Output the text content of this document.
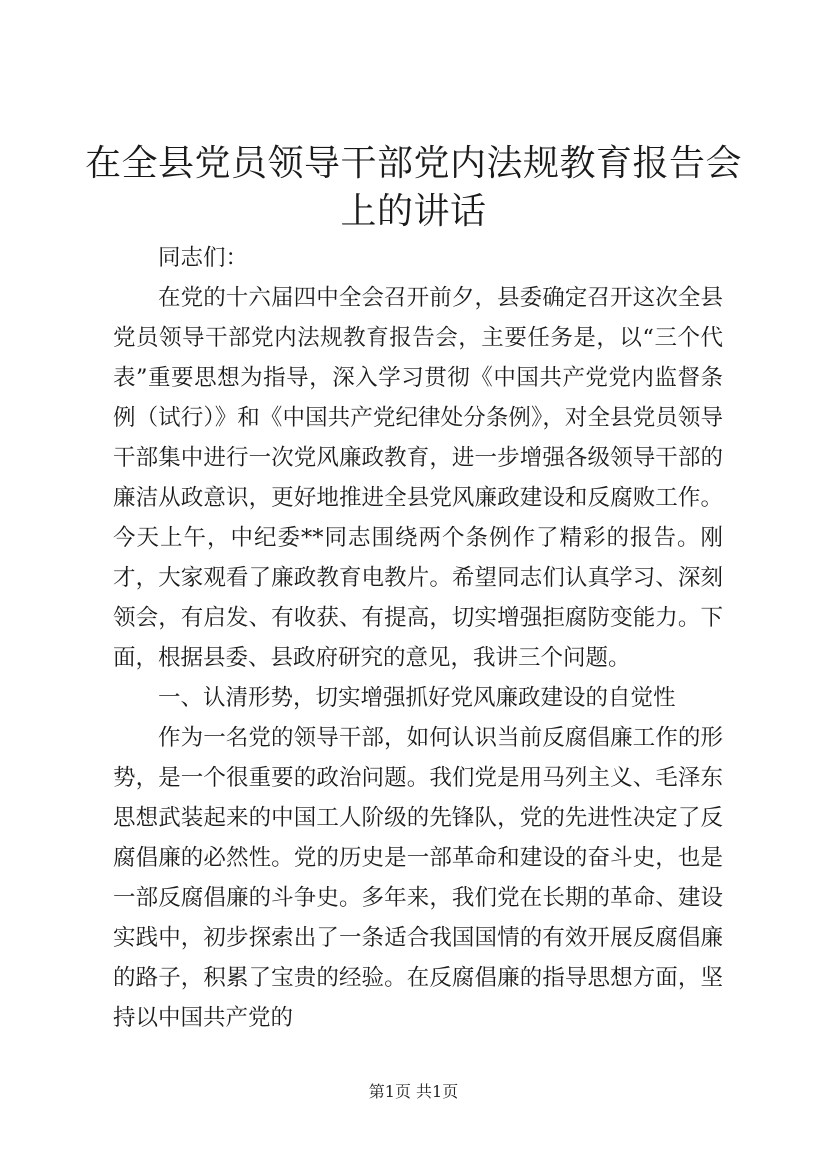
在全县党员领导干部党内法规教育报告会上的讲话

同志们：

在党的十六届四中全会召开前夕，县委确定召开这次全县党员领导干部党内法规教育报告会，主要任务是，以“三个代表”重要思想为指导，深入学习贯彻《中国共产党党内监督条例（试行）》和《中国共产党纪律处分条例》，对全县党员领导干部集中进行一次党风廉政教育，进一步增强各级领导干部的廉洁从政意识，更好地推进全县党风廉政建设和反腐败工作。今天上午，中纪委**同志围绕两个条例作了精彩的报告。刚才，大家观看了廉政教育电教片。希望同志们认真学习、深刻领会，有启发、有收获、有提高，切实增强拒腐防变能力。下面，根据县委、县政府研究的意见，我讲三个问题。

一、认清形势，切实增强抓好党风廉政建设的自觉性

作为一名党的领导干部，如何认识当前反腐倡廉工作的形势，是一个很重要的政治问题。我们党是用马列主义、毛泽东思想武装起来的中国工人阶级的先锋队，党的先进性决定了反腐倡廉的必然性。党的历史是一部革命和建设的奋斗史，也是一部反腐倡廉的斗争史。多年来，我们党在长期的革命、建设实践中，初步探索出了一条适合我国国情的有效开展反腐倡廉的路子，积累了宝贵的经验。在反腐倡廉的指导思想方面，坚持以中国共产党的

第1页 共1页
